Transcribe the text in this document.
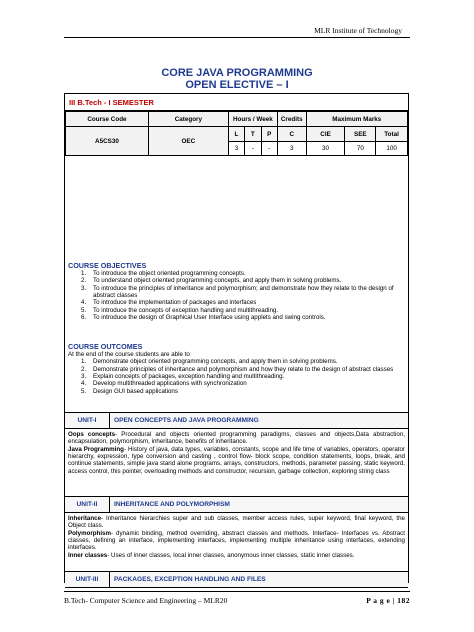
MLR Institute of Technology
CORE JAVA PROGRAMMING
OPEN ELECTIVE – I
III B.Tech - I SEMESTER
Course Code	Category	Hours / Week			Credits	Maximum Marks		
A5CS30	OEC	L	T	P	C	CIE	SEE	Total
		3	-	-	3	30	70	100
COURSE OBJECTIVES
1.	To introduce the object oriented programming concepts.
2.	To understand object oriented programming concepts, and apply them in solving problems.
3.	To introduce the principles of inheritance and polymorphism; and demonstrate how they relate to the design of abstract classes
4.	To introduce the implementation of packages and interfaces
5.	To introduce the concepts of exception handling and multithreading.
6.	To introduce the design of Graphical User Interface using applets and swing controls.
COURSE OUTCOMES
At the end of the course students are able to
1.	Demonstrate object oriented programming concepts, and apply them in solving problems.
2.	Demonstrate principles of inheritance and polymorphism and how they relate to the design of abstract classes
3.	Explain concepts of packages, exception handling and multithreading.
4.	Develop multithreaded applications with synchronization
5.	Design GUI based applications
UNIT-I	OPEN CONCEPTS AND JAVA PROGRAMMING

Oops concepts- Procedural and objects oriented programming paradigms, classes and objects,Data abstraction, encapsulation, polymorphism, inheritance, benefits of inheritance.

Java Programming- History of java, data types, variables, constants, scope and life time of variables, operators, operator hierarchy, expression, type conversion and casting , control flow- block scope, condition statements, loops, break, and continue statements, simple java stand alone programs, arrays, constructors, methods, parameter passing, static keyword, access control, this pointer, overloading methods and constructor, recursion, garbage collection, exploring string class

UNIT-II	INHERITANCE AND POLYMORPHISM

Inheritance- Inheritance hierarchies super and sub classes, member access rules, super keyword, final keyword, the Object class.

Polymorphism- dynamic binding, method overriding, abstract classes and methods. Interface- Interfaces vs. Abstract classes, defining an interface, implementing interfaces, implementing multiple inheritance using interfaces, extending interfaces.

Inner classes- Uses of inner classes, local inner classes, anonymous inner classes, static inner classes.

UNIT-III	PACKAGES, EXCEPTION HANDLING AND FILES
B.Tech- Computer Science and Engineering – MLR20	P a g e | 182
